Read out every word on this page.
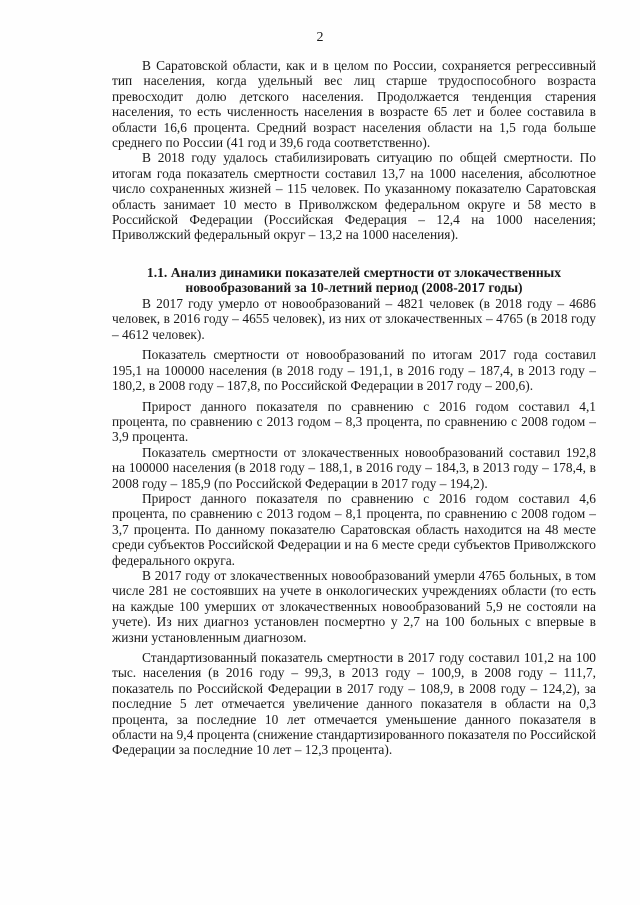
2

В Саратовской области, как и в целом по России, сохраняется регрессивный тип населения, когда удельный вес лиц старше трудоспособного возраста превосходит долю детского населения. Продолжается тенденция старения населения, то есть численность населения в возрасте 65 лет и более составила в области 16,6 процента. Средний возраст населения области на 1,5 года больше среднего по России (41 год и 39,6 года соответственно).

В 2018 году удалось стабилизировать ситуацию по общей смертности. По итогам года показатель смертности составил 13,7 на 1000 населения, абсолютное число сохраненных жизней – 115 человек. По указанному показателю Саратовская область занимает 10 место в Приволжском федеральном округе и 58 место в Российской Федерации (Российская Федерация – 12,4 на 1000 населения; Приволжский федеральный округ – 13,2 на 1000 населения).

1.1. Анализ динамики показателей смертности от злокачественных новообразований за 10-летний период (2008-2017 годы)

В 2017 году умерло от новообразований – 4821 человек (в 2018 году – 4686 человек, в 2016 году – 4655 человек), из них от злокачественных – 4765 (в 2018 году – 4612 человек).

Показатель смертности от новообразований по итогам 2017 года составил 195,1 на 100000 населения (в 2018 году – 191,1, в 2016 году – 187,4, в 2013 году – 180,2, в 2008 году – 187,8, по Российской Федерации в 2017 году – 200,6).

Прирост данного показателя по сравнению с 2016 годом составил 4,1 процента, по сравнению с 2013 годом – 8,3 процента, по сравнению с 2008 годом – 3,9 процента.

Показатель смертности от злокачественных новообразований составил 192,8 на 100000 населения (в 2018 году – 188,1, в 2016 году – 184,3, в 2013 году – 178,4, в 2008 году – 185,9 (по Российской Федерации в 2017 году – 194,2).

Прирост данного показателя по сравнению с 2016 годом составил 4,6 процента, по сравнению с 2013 годом – 8,1 процента, по сравнению с 2008 годом – 3,7 процента. По данному показателю Саратовская область находится на 48 месте среди субъектов Российской Федерации и на 6 месте среди субъектов Приволжского федерального округа.

В 2017 году от злокачественных новообразований умерли 4765 больных, в том числе 281 не состоявших на учете в онкологических учреждениях области (то есть на каждые 100 умерших от злокачественных новообразований 5,9 не состояли на учете). Из них диагноз установлен посмертно у 2,7 на 100 больных с впервые в жизни установленным диагнозом.

Стандартизованный показатель смертности в 2017 году составил 101,2 на 100 тыс. населения (в 2016 году – 99,3, в 2013 году – 100,9, в 2008 году – 111,7, показатель по Российской Федерации в 2017 году – 108,9, в 2008 году – 124,2), за последние 5 лет отмечается увеличение данного показателя в области на 0,3 процента, за последние 10 лет отмечается уменьшение данного показателя в области на 9,4 процента (снижение стандартизированного показателя по Российской Федерации за последние 10 лет – 12,3 процента).
